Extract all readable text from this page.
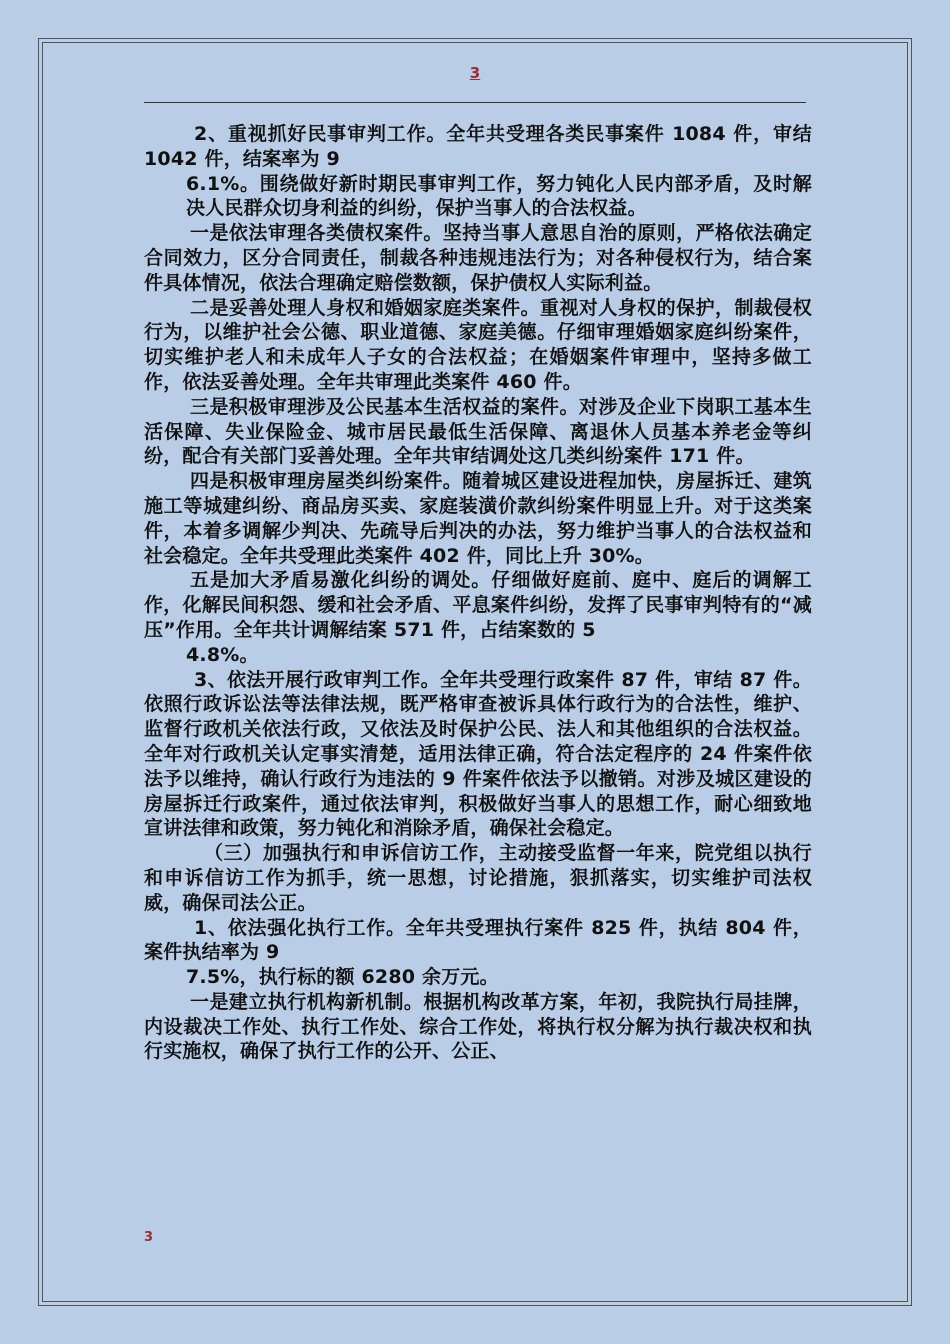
3

2、重视抓好民事审判工作。全年共受理各类民事案件 1084 件，审结 1042 件，结案率为 9

6.1%。围绕做好新时期民事审判工作，努力钝化人民内部矛盾，及时解决人民群众切身利益的纠纷，保护当事人的合法权益。

一是依法审理各类债权案件。坚持当事人意思自治的原则，严格依法确定合同效力，区分合同责任，制裁各种违规违法行为；对各种侵权行为，结合案件具体情况，依法合理确定赔偿数额，保护债权人实际利益。

二是妥善处理人身权和婚姻家庭类案件。重视对人身权的保护，制裁侵权行为，以维护社会公德、职业道德、家庭美德。仔细审理婚姻家庭纠纷案件，切实维护老人和未成年人子女的合法权益；在婚姻案件审理中，坚持多做工作，依法妥善处理。全年共审理此类案件 460 件。

三是积极审理涉及公民基本生活权益的案件。对涉及企业下岗职工基本生活保障、失业保险金、城市居民最低生活保障、离退休人员基本养老金等纠纷，配合有关部门妥善处理。全年共审结调处这几类纠纷案件 171 件。

四是积极审理房屋类纠纷案件。随着城区建设进程加快，房屋拆迁、建筑施工等城建纠纷、商品房买卖、家庭装潢价款纠纷案件明显上升。对于这类案件，本着多调解少判决、先疏导后判决的办法，努力维护当事人的合法权益和社会稳定。全年共受理此类案件 402 件，同比上升 30%。

五是加大矛盾易激化纠纷的调处。仔细做好庭前、庭中、庭后的调解工作，化解民间积怨、缓和社会矛盾、平息案件纠纷，发挥了民事审判特有的“减压”作用。全年共计调解结案 571 件，占结案数的 5

4.8%。

3、依法开展行政审判工作。全年共受理行政案件 87 件，审结 87 件。依照行政诉讼法等法律法规，既严格审查被诉具体行政行为的合法性，维护、监督行政机关依法行政，又依法及时保护公民、法人和其他组织的合法权益。全年对行政机关认定事实清楚，适用法律正确，符合法定程序的 24 件案件依法予以维持，确认行政行为违法的 9 件案件依法予以撤销。对涉及城区建设的房屋拆迁行政案件，通过依法审判，积极做好当事人的思想工作，耐心细致地宣讲法律和政策，努力钝化和消除矛盾，确保社会稳定。

（三）加强执行和申诉信访工作，主动接受监督一年来，院党组以执行和申诉信访工作为抓手，统一思想，讨论措施，狠抓落实，切实维护司法权威，确保司法公正。

1、依法强化执行工作。全年共受理执行案件 825 件，执结 804 件，案件执结率为 9

7.5%，执行标的额 6280 余万元。

一是建立执行机构新机制。根据机构改革方案，年初，我院执行局挂牌，内设裁决工作处、执行工作处、综合工作处，将执行权分解为执行裁决权和执行实施权，确保了执行工作的公开、公正、

3
